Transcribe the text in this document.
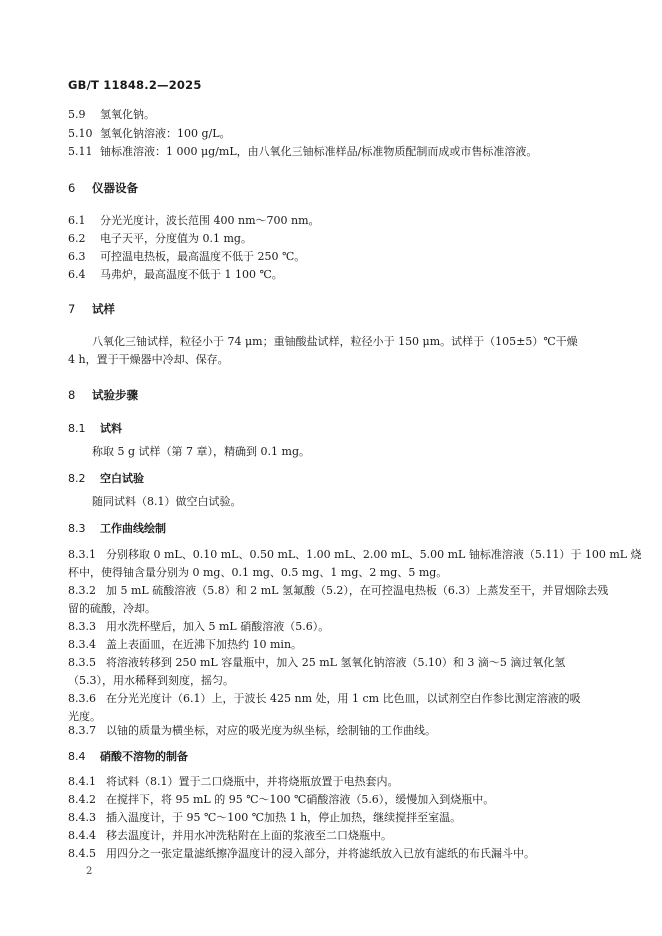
GB/T 11848.2—2025
5.9 氢氧化钠。
5.10 氢氧化钠溶液：100 g/L。
5.11 铀标准溶液：1 000 μg/mL，由八氧化三铀标准样品/标准物质配制而成或市售标准溶液。
6 仪器设备
6.1 分光光度计，波长范围 400 nm～700 nm。
6.2 电子天平，分度值为 0.1 mg。
6.3 可控温电热板，最高温度不低于 250 ℃。
6.4 马弗炉，最高温度不低于 1 100 ℃。
7 试样
八氧化三铀试样，粒径小于 74 μm；重铀酸盐试样，粒径小于 150 μm。试样于（105±5）℃干燥
4 h，置于干燥器中冷却、保存。
8 试验步骤
8.1 试料
称取 5 g 试样（第 7 章），精确到 0.1 mg。
8.2 空白试验
随同试料（8.1）做空白试验。
8.3 工作曲线绘制
8.3.1 分别移取 0 mL、0.10 mL、0.50 mL、1.00 mL、2.00 mL、5.00 mL 铀标准溶液（5.11）于 100 mL 烧
杯中，使得铀含量分别为 0 mg、0.1 mg、0.5 mg、1 mg、2 mg、5 mg。
8.3.2 加 5 mL 硫酸溶液（5.8）和 2 mL 氢氟酸（5.2），在可控温电热板（6.3）上蒸发至干，并冒烟除去残
留的硫酸，冷却。
8.3.3 用水洗杯壁后，加入 5 mL 硝酸溶液（5.6）。
8.3.4 盖上表面皿，在近沸下加热约 10 min。
8.3.5 将溶液转移到 250 mL 容量瓶中，加入 25 mL 氢氧化钠溶液（5.10）和 3 滴～5 滴过氧化氢
（5.3），用水稀释到刻度，摇匀。
8.3.6 在分光光度计（6.1）上，于波长 425 nm 处，用 1 cm 比色皿，以试剂空白作参比测定溶液的吸
光度。
8.3.7 以铀的质量为横坐标，对应的吸光度为纵坐标，绘制铀的工作曲线。
8.4 硝酸不溶物的制备
8.4.1 将试料（8.1）置于二口烧瓶中，并将烧瓶放置于电热套内。
8.4.2 在搅拌下，将 95 mL 的 95 ℃～100 ℃硝酸溶液（5.6），缓慢加入到烧瓶中。
8.4.3 插入温度计，于 95 ℃～100 ℃加热 1 h，停止加热，继续搅拌至室温。
8.4.4 移去温度计，并用水冲洗粘附在上面的浆液至二口烧瓶中。
8.4.5 用四分之一张定量滤纸擦净温度计的浸入部分，并将滤纸放入已放有滤纸的布氏漏斗中。
2
